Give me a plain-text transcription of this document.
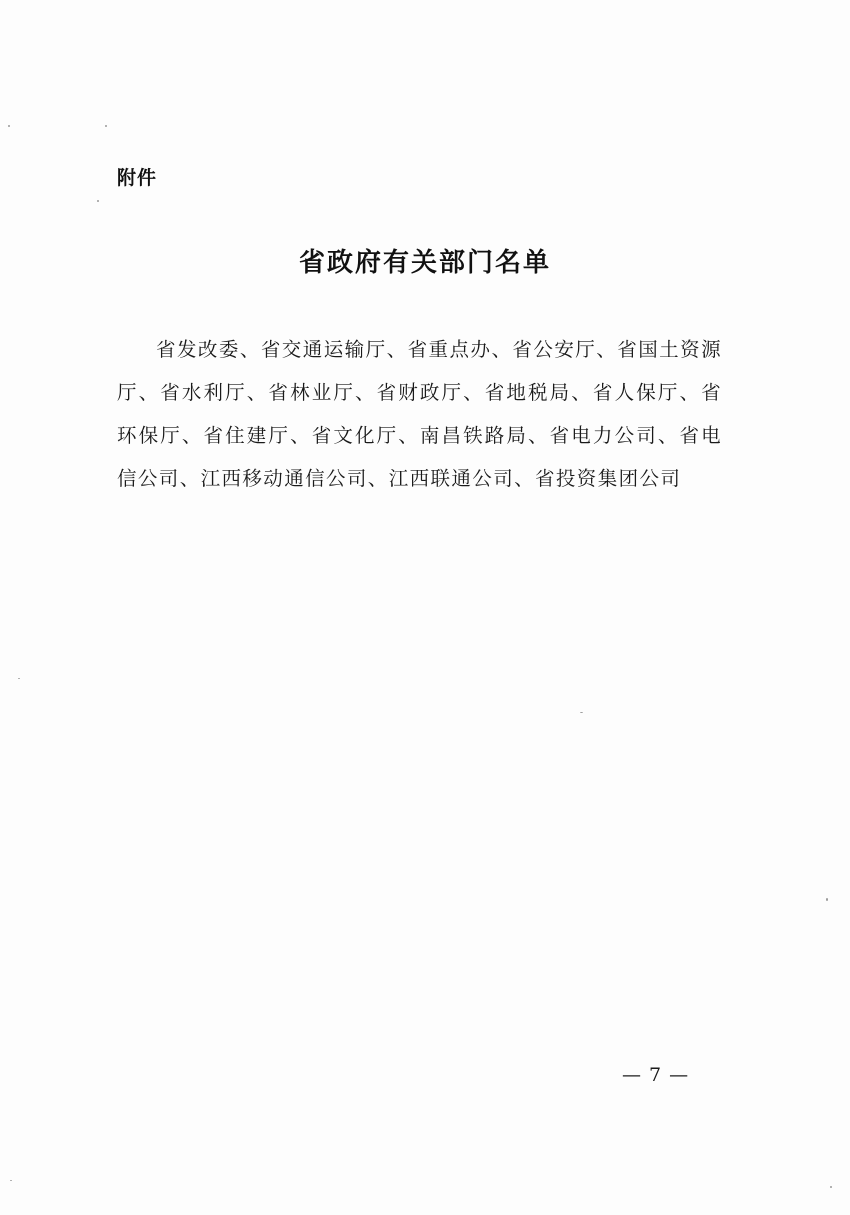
附件
省政府有关部门名单

省发改委、省交通运输厅、省重点办、省公安厅、省国土资源厅、省水利厅、省林业厅、省财政厅、省地税局、省人保厅、省环保厅、省住建厅、省文化厅、南昌铁路局、省电力公司、省电信公司、江西移动通信公司、江西联通公司、省投资集团公司

— 7 —
